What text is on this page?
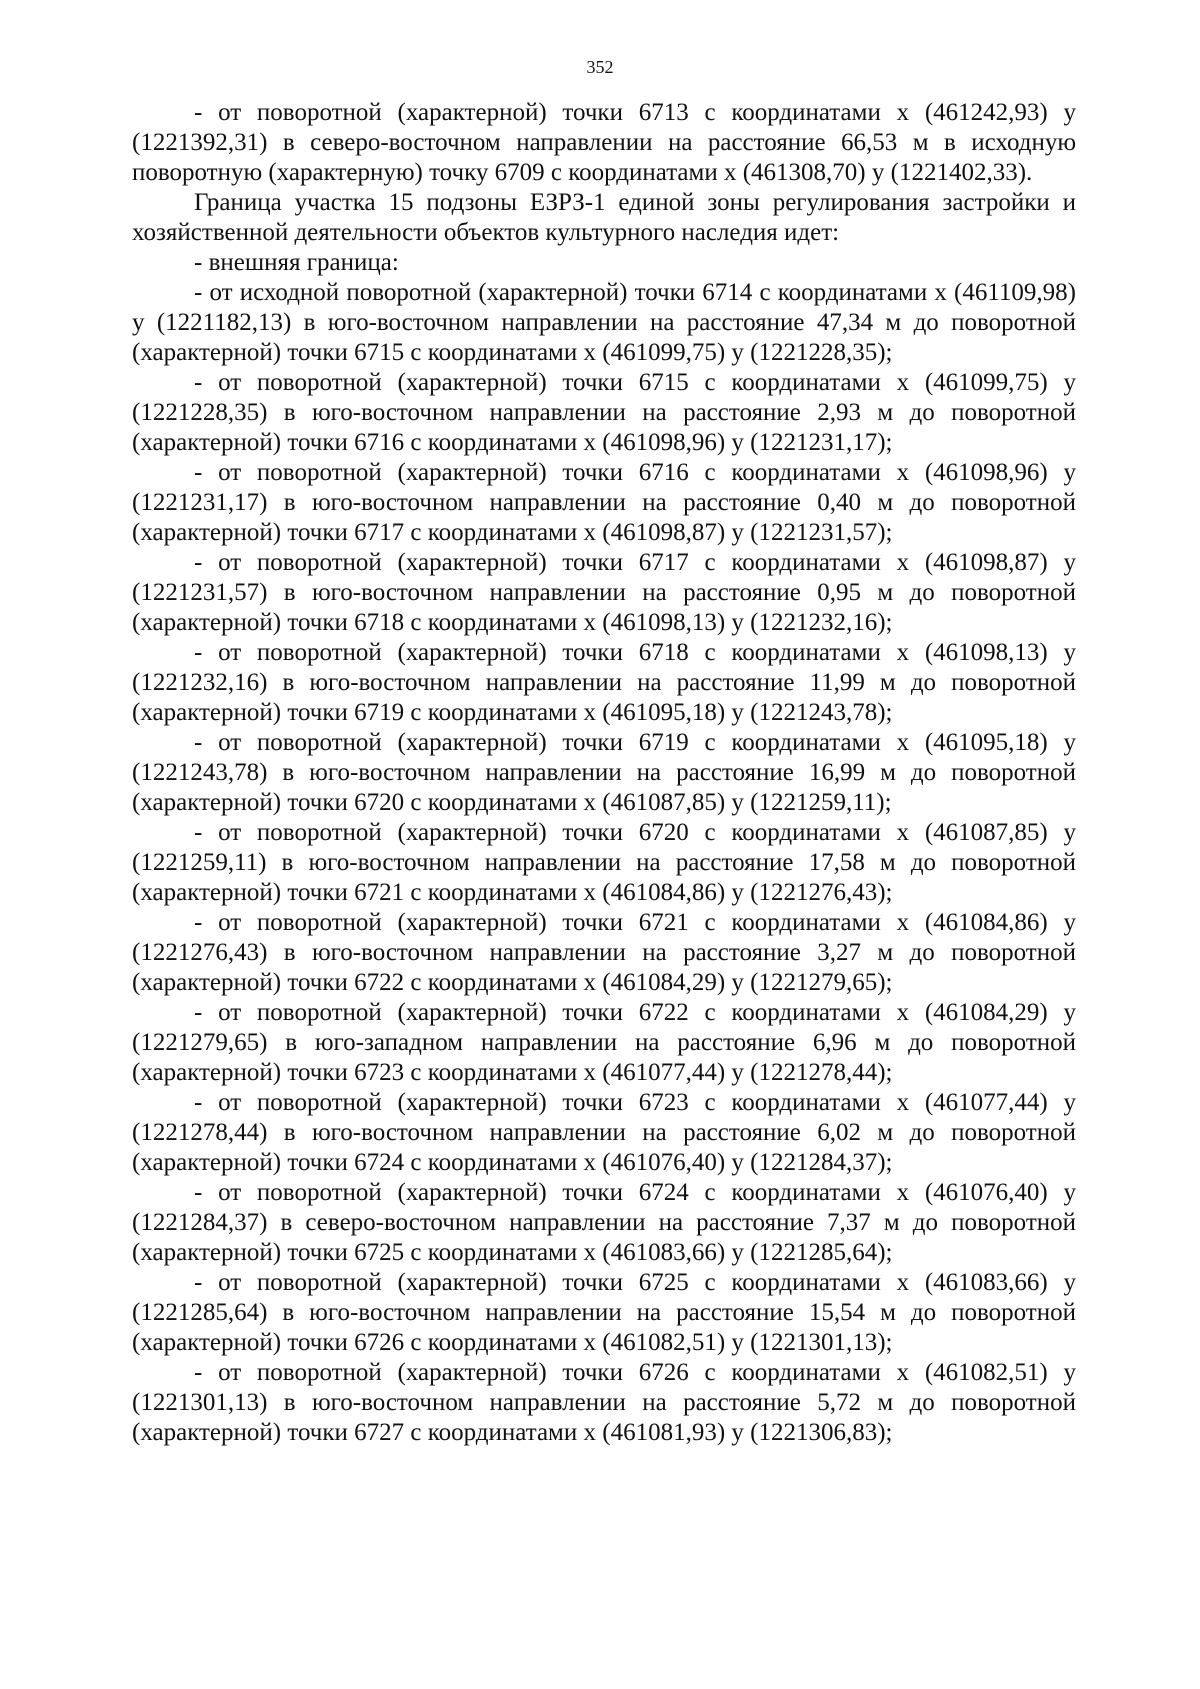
352

- от поворотной (характерной) точки 6713 с координатами х (461242,93) у (1221392,31) в северо-восточном направлении на расстояние 66,53 м в исходную поворотную (характерную) точку 6709 с координатами х (461308,70) у (1221402,33).

Граница участка 15 подзоны ЕЗРЗ-1 единой зоны регулирования застройки и хозяйственной деятельности объектов культурного наследия идет:

- внешняя граница:

- от исходной поворотной (характерной) точки 6714 с координатами х (461109,98) у (1221182,13) в юго-восточном направлении на расстояние 47,34 м до поворотной (характерной) точки 6715 с координатами х (461099,75) у (1221228,35);

- от поворотной (характерной) точки 6715 с координатами х (461099,75) у (1221228,35) в юго-восточном направлении на расстояние 2,93 м до поворотной (характерной) точки 6716 с координатами х (461098,96) у (1221231,17);

- от поворотной (характерной) точки 6716 с координатами х (461098,96) у (1221231,17) в юго-восточном направлении на расстояние 0,40 м до поворотной (характерной) точки 6717 с координатами х (461098,87) у (1221231,57);

- от поворотной (характерной) точки 6717 с координатами х (461098,87) у (1221231,57) в юго-восточном направлении на расстояние 0,95 м до поворотной (характерной) точки 6718 с координатами х (461098,13) у (1221232,16);

- от поворотной (характерной) точки 6718 с координатами х (461098,13) у (1221232,16) в юго-восточном направлении на расстояние 11,99 м до поворотной (характерной) точки 6719 с координатами х (461095,18) у (1221243,78);

- от поворотной (характерной) точки 6719 с координатами х (461095,18) у (1221243,78) в юго-восточном направлении на расстояние 16,99 м до поворотной (характерной) точки 6720 с координатами х (461087,85) у (1221259,11);

- от поворотной (характерной) точки 6720 с координатами х (461087,85) у (1221259,11) в юго-восточном направлении на расстояние 17,58 м до поворотной (характерной) точки 6721 с координатами х (461084,86) у (1221276,43);

- от поворотной (характерной) точки 6721 с координатами х (461084,86) у (1221276,43) в юго-восточном направлении на расстояние 3,27 м до поворотной (характерной) точки 6722 с координатами х (461084,29) у (1221279,65);

- от поворотной (характерной) точки 6722 с координатами х (461084,29) у (1221279,65) в юго-западном направлении на расстояние 6,96 м до поворотной (характерной) точки 6723 с координатами х (461077,44) у (1221278,44);

- от поворотной (характерной) точки 6723 с координатами х (461077,44) у (1221278,44) в юго-восточном направлении на расстояние 6,02 м до поворотной (характерной) точки 6724 с координатами х (461076,40) у (1221284,37);

- от поворотной (характерной) точки 6724 с координатами х (461076,40) у (1221284,37) в северо-восточном направлении на расстояние 7,37 м до поворотной (характерной) точки 6725 с координатами х (461083,66) у (1221285,64);

- от поворотной (характерной) точки 6725 с координатами х (461083,66) у (1221285,64) в юго-восточном направлении на расстояние 15,54 м до поворотной (характерной) точки 6726 с координатами х (461082,51) у (1221301,13);

- от поворотной (характерной) точки 6726 с координатами х (461082,51) у (1221301,13) в юго-восточном направлении на расстояние 5,72 м до поворотной (характерной) точки 6727 с координатами х (461081,93) у (1221306,83);
